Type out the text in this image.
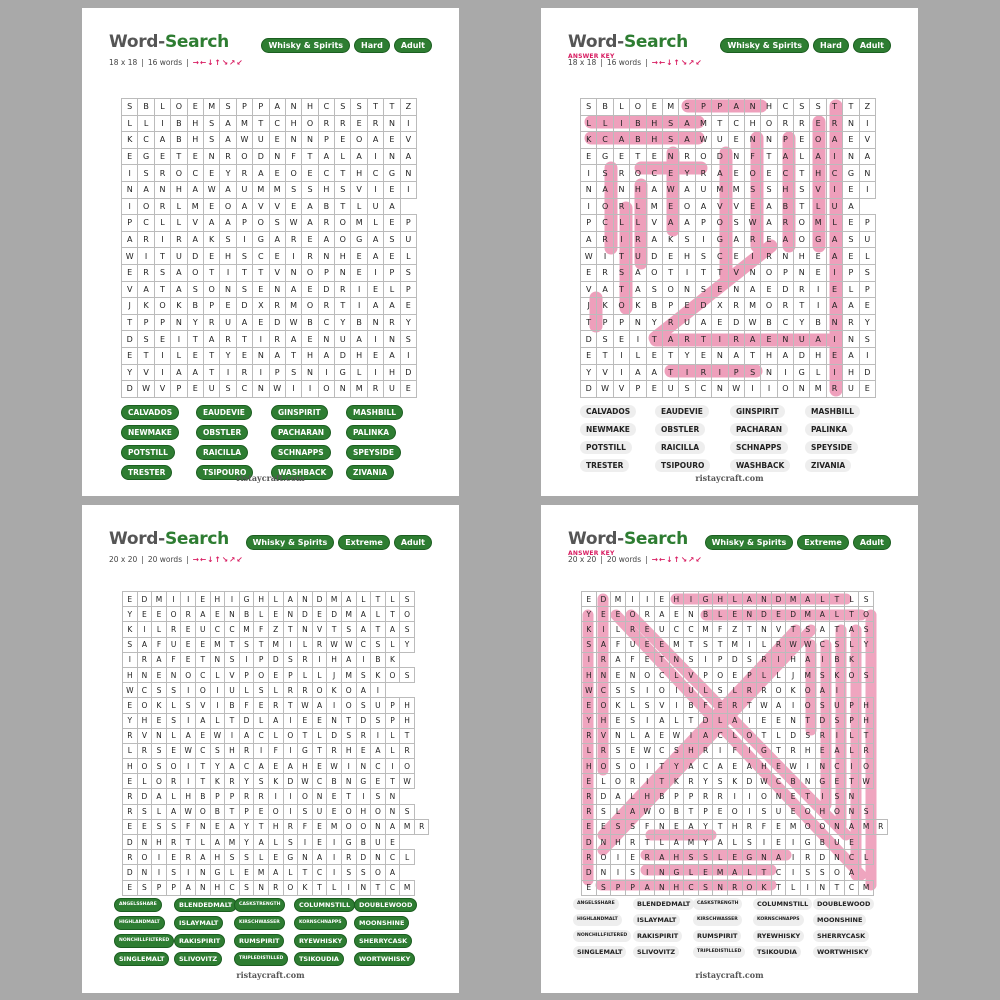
Word-Search
18 x 18 | 16 words | →←↓↑↘↗↙
Whisky & Spirits	Hard	Adult
S	B	L	O	E	M	S	P	P	A	N	H	C	S	S	T	T	Z
L	L	I	B	H	S	A	M	T	C	H	O	R	R	E	R	N	I
K	C	A	B	H	S	A	W	U	E	N	N	P	E	O	A	E	V
E	G	E	T	E	N	R	O	D	N	F	T	A	L	A	I	N	A
I	S	R	O	C	E	Y	R	A	E	O	E	C	T	H	C	G	N
N	A	N	H	A	W	A	U	M	M	S	S	H	S	V	I	E	I
I	O	R	L	M	E	O	A	V	V	E	A	B	T	L	U	A	
P	C	L	L	V	A	A	P	O	S	W	A	R	O	M	L	E	P
A	R	I	R	A	K	S	I	G	A	R	E	A	O	G	A	S	U
W	I	T	U	D	E	H	S	C	E	I	R	N	H	E	A	E	L
E	R	S	A	O	T	I	T	T	V	N	O	P	N	E	I	P	S
V	A	T	A	S	O	N	S	E	N	A	E	D	R	I	E	L	P
J	K	O	K	B	P	E	D	X	R	M	O	R	T	I	A	A	E
T	P	P	N	Y	R	U	A	E	D	W	B	C	Y	B	N	R	Y
D	S	E	I	T	A	R	T	I	R	A	E	N	U	A	I	N	S
E	T	I	L	E	T	Y	E	N	A	T	H	A	D	H	E	A	I
Y	V	I	A	A	T	I	R	I	P	S	N	I	G	L	I	H	D
D	W	V	P	E	U	S	C	N	W	I	I	O	N	M	R	U	E
CALVADOS	EAUDEVIE	GINSPIRIT	MASHBILL
NEWMAKE	OBSTLER	PACHARAN	PALINKA
POTSTILL	RAICILLA	SCHNAPPS	SPEYSIDE
TRESTER	TSIPOURO	WASHBACK	ZIVANIA
ristaycraft.com
Word-Search
ANSWER KEY
18 x 18 | 16 words | →←↓↑↘↗↙
Whisky & Spirits	Hard	Adult
S	B	L	O	E	M	S	P	P	A	N	H	C	S	S	T	T	Z
L	L	I	B	H	S	A	M	T	C	H	O	R	R	E	R	N	I
K	C	A	B	H	S	A	W	U	E	N	N	P	E	O	A	E	V
E	G	E	T	E	N	R	O	D	N	F	T	A	L	A	I	N	A
I	S	R	O	C	E	Y	R	A	E	O	E	C	T	H	C	G	N
N	A	N	H	A	W	A	U	M	M	S	S	H	S	V	I	E	I
I	O	R	L	M	E	O	A	V	V	E	A	B	T	L	U	A	
P	C	L	L	V	A	A	P	O	S	W	A	R	O	M	L	E	P
A	R	I	R	A	K	S	I	G	A	R	E	A	O	G	A	S	U
W	I	T	U	D	E	H	S	C	E	I	R	N	H	E	A	E	L
E	R	S	A	O	T	I	T	T	V	N	O	P	N	E	I	P	S
V	A	T	A	S	O	N	S	E	N	A	E	D	R	I	E	L	P
J	K	O	K	B	P	E	D	X	R	M	O	R	T	I	A	A	E
T	P	P	N	Y	R	U	A	E	D	W	B	C	Y	B	N	R	Y
D	S	E	I	T	A	R	T	I	R	A	E	N	U	A	I	N	S
E	T	I	L	E	T	Y	E	N	A	T	H	A	D	H	E	A	I
Y	V	I	A	A	T	I	R	I	P	S	N	I	G	L	I	H	D
D	W	V	P	E	U	S	C	N	W	I	I	O	N	M	R	U	E
CALVADOS	EAUDEVIE	GINSPIRIT	MASHBILL
NEWMAKE	OBSTLER	PACHARAN	PALINKA
POTSTILL	RAICILLA	SCHNAPPS	SPEYSIDE
TRESTER	TSIPOURO	WASHBACK	ZIVANIA
ristaycraft.com
Word-Search
20 x 20 | 20 words | →←↓↑↘↗↙
Whisky & Spirits	Extreme	Adult
E	D	M	I	I	E	H	I	G	H	L	A	N	D	M	A	L	T	L	S	
Y	E	E	O	R	A	E	N	B	L	E	N	D	E	D	M	A	L	T	O	
K	I	L	R	E	U	C	C	M	F	Z	T	N	V	T	S	A	T	A	S	
S	A	F	U	E	E	M	T	S	T	M	I	L	R	W	W	C	S	L	Y	
I	R	A	F	E	T	N	S	I	P	D	S	R	I	H	A	I	B	K		
H	N	E	N	O	C	L	V	P	O	E	P	L	L	J	M	S	K	O	S	
W	C	S	S	I	O	I	U	L	S	L	R	R	O	K	O	A	I			
E	O	K	L	S	V	I	B	F	E	R	T	W	A	I	O	S	U	P	H	
Y	H	E	S	I	A	L	T	D	L	A	I	E	E	N	T	D	S	P	H	
R	V	N	L	A	E	W	I	A	C	L	O	T	L	D	S	R	I	L	T	
L	R	S	E	W	C	S	H	R	I	F	I	G	T	R	H	E	A	L	R	
H	O	S	O	I	T	Y	A	C	A	E	A	H	E	W	I	N	C	I	O	
E	L	O	R	I	T	K	R	Y	S	K	D	W	C	B	N	G	E	T	W	
R	D	A	L	H	B	P	P	R	R	I	I	O	N	E	T	I	S	N		
R	S	L	A	W	O	B	T	P	E	O	I	S	U	E	O	H	O	N	S	
E	E	S	S	F	N	E	A	Y	T	H	R	F	E	M	O	O	N	A	M	R
D	N	H	R	T	L	A	M	Y	A	L	S	I	E	I	G	B	U	E		
R	O	I	E	R	A	H	S	S	L	E	G	N	A	I	R	D	N	C	L	
D	N	I	S	I	N	G	L	E	M	A	L	T	C	I	S	S	O	A		
E	S	P	P	A	N	H	C	S	N	R	O	K	T	L	I	N	T	C	M	
ANGELSSHARE	BLENDEDMALT	CASKSTRENGTH	COLUMNSTILL	DOUBLEWOOD
HIGHLANDMALT	ISLAYMALT	KIRSCHWASSER	KORNSCHNAPPS	MOONSHINE
NONCHILLFILTERED	RAKISPIRIT	RUMSPIRIT	RYEWHISKY	SHERRYCASK
SINGLEMALT	SLIVOVITZ	TRIPLEDISTILLED	TSIKOUDIA	WORTWHISKY
ristaycraft.com
Word-Search
ANSWER KEY
20 x 20 | 20 words | →←↓↑↘↗↙
Whisky & Spirits	Extreme	Adult
E	D	M	I	I	E	H	I	G	H	L	A	N	D	M	A	L	T	L	S	
Y	E	E	O	R	A	E	N	B	L	E	N	D	E	D	M	A	L	T	O	
K	I	L	R	E	U	C	C	M	F	Z	T	N	V	T	S	A	T	A	S	
S	A	F	U	E	E	M	T	S	T	M	I	L	R	W	W	C	S	L	Y	
I	R	A	F	E	T	N	S	I	P	D	S	R	I	H	A	I	B	K		
H	N	E	N	O	C	L	V	P	O	E	P	L	L	J	M	S	K	O	S	
W	C	S	S	I	O	I	U	L	S	L	R	R	O	K	O	A	I			
E	O	K	L	S	V	I	B	F	E	R	T	W	A	I	O	S	U	P	H	
Y	H	E	S	I	A	L	T	D	L	A	I	E	E	N	T	D	S	P	H	
R	V	N	L	A	E	W	I	A	C	L	O	T	L	D	S	R	I	L	T	
L	R	S	E	W	C	S	H	R	I	F	I	G	T	R	H	E	A	L	R	
H	O	S	O	I	T	Y	A	C	A	E	A	H	E	W	I	N	C	I	O	
E	L	O	R	I	T	K	R	Y	S	K	D	W	C	B	N	G	E	T	W	
R	D	A	L	H	B	P	P	R	R	I	I	O	N	E	T	I	S	N		
R	S	L	A	W	O	B	T	P	E	O	I	S	U	E	O	H	O	N	S	
E	E	S	S	F	N	E	A	Y	T	H	R	F	E	M	O	O	N	A	M	R
D	N	H	R	T	L	A	M	Y	A	L	S	I	E	I	G	B	U	E		
R	O	I	E	R	A	H	S	S	L	E	G	N	A	I	R	D	N	C	L	
D	N	I	S	I	N	G	L	E	M	A	L	T	C	I	S	S	O	A		
E	S	P	P	A	N	H	C	S	N	R	O	K	T	L	I	N	T	C	M	
ANGELSSHARE	BLENDEDMALT	CASKSTRENGTH	COLUMNSTILL	DOUBLEWOOD
HIGHLANDMALT	ISLAYMALT	KIRSCHWASSER	KORNSCHNAPPS	MOONSHINE
NONCHILLFILTERED	RAKISPIRIT	RUMSPIRIT	RYEWHISKY	SHERRYCASK
SINGLEMALT	SLIVOVITZ	TRIPLEDISTILLED	TSIKOUDIA	WORTWHISKY
ristaycraft.com
